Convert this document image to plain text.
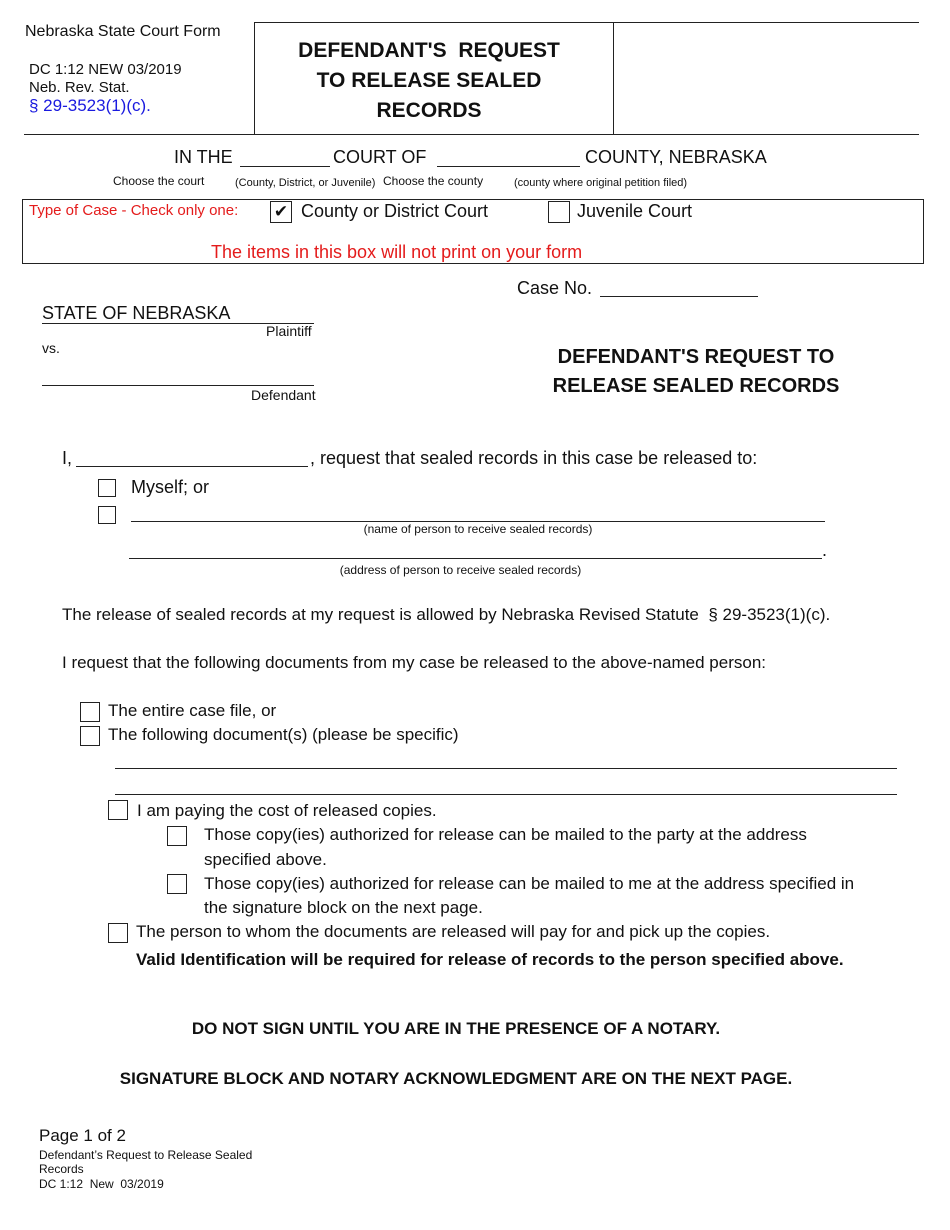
Nebraska State Court Form
DC 1:12 NEW 03/2019
Neb. Rev. Stat.
§ 29-3523(1)(c).
DEFENDANT'S  REQUEST
TO RELEASE SEALED
RECORDS
IN THE	COURT OF	COUNTY, NEBRASKA
Choose the court	(County, District, or Juvenile) Choose the county	(county where original petition filed)
Type of Case - Check only one: ✔ County or District Court	Juvenile Court
The items in this box will not print on your form
Case No.
STATE OF NEBRASKA
Plaintiff
vs.
Defendant
DEFENDANT'S REQUEST TO
RELEASE SEALED RECORDS
I,	, request that sealed records in this case be released to:
Myself; or
(name of person to receive sealed records)
.
(address of person to receive sealed records)
The release of sealed records at my request is allowed by Nebraska Revised Statute  § 29-3523(1)(c).
I request that the following documents from my case be released to the above-named person:
The entire case file, or
The following document(s) (please be specific)
I am paying the cost of released copies.
Those copy(ies) authorized for release can be mailed to the party at the address
specified above.
Those copy(ies) authorized for release can be mailed to me at the address specified in
the signature block on the next page.
The person to whom the documents are released will pay for and pick up the copies.
Valid Identification will be required for release of records to the person specified above.
DO NOT SIGN UNTIL YOU ARE IN THE PRESENCE OF A NOTARY.
SIGNATURE BLOCK AND NOTARY ACKNOWLEDGMENT ARE ON THE NEXT PAGE.
Page 1 of 2
Defendant’s Request to Release Sealed
Records
DC 1:12  New  03/2019
